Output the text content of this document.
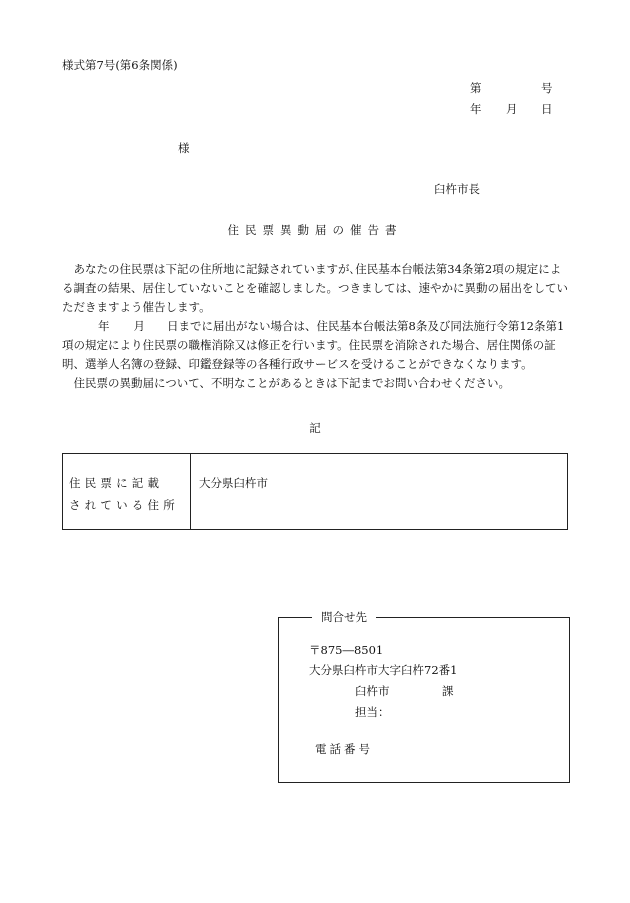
様式第7号(第6条関係)
第	号
年 月 日
様
臼杵市長
住民票異動届の催告書
あなたの住民票は下記の住所地に記録されていますが､住民基本台帳法第34条第2項の規定による調査の結果、居住していないことを確認しました。つきましては、速やかに異動の届出をしていただきますよう催告します。
年 月 日までに届出がない場合は、住民基本台帳法第8条及び同法施行令第12条第1項の規定により住民票の職権消除又は修正を行います。住民票を消除された場合、居住関係の証明、選挙人名簿の登録、印鑑登録等の各種行政サービスを受けることができなくなります。
住民票の異動届について、不明なことがあるときは下記までお問い合わせください。
記
住民票に記載
されている住所
大分県臼杵市
問合せ先
〒875―8501
大分県臼杵市大字臼杵72番1
臼杵市	課
担当：
電話番号
